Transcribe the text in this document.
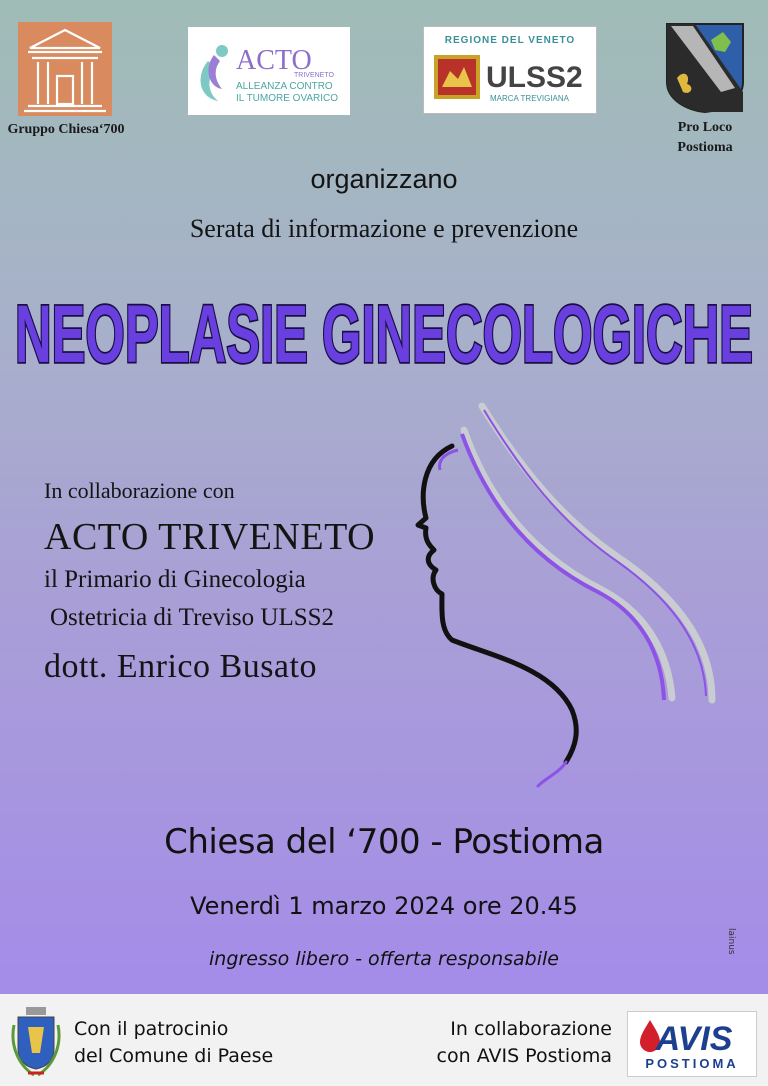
Gruppo Chiesa‘700
ACTO
TRIVENETO
ALLEANZA CONTRO
IL TUMORE OVARICO
REGIONE DEL VENETO
ULSS2
MARCA TREVIGIANA
Pro Loco
Postioma
organizzano
Serata di informazione e prevenzione
NEOPLASIE GINECOLOGICHE
In collaborazione con
ACTO TRIVENETO
il Primario di Ginecologia
Ostetricia di Treviso ULSS2
dott. Enrico Busato
Chiesa del ‘700 - Postioma
Venerdì 1 marzo 2024 ore 20.45
ingresso libero - offerta responsabile
lainus
Con il patrocinio
del Comune di Paese
In collaborazione
con AVIS Postioma AVIS
POSTIOMA
